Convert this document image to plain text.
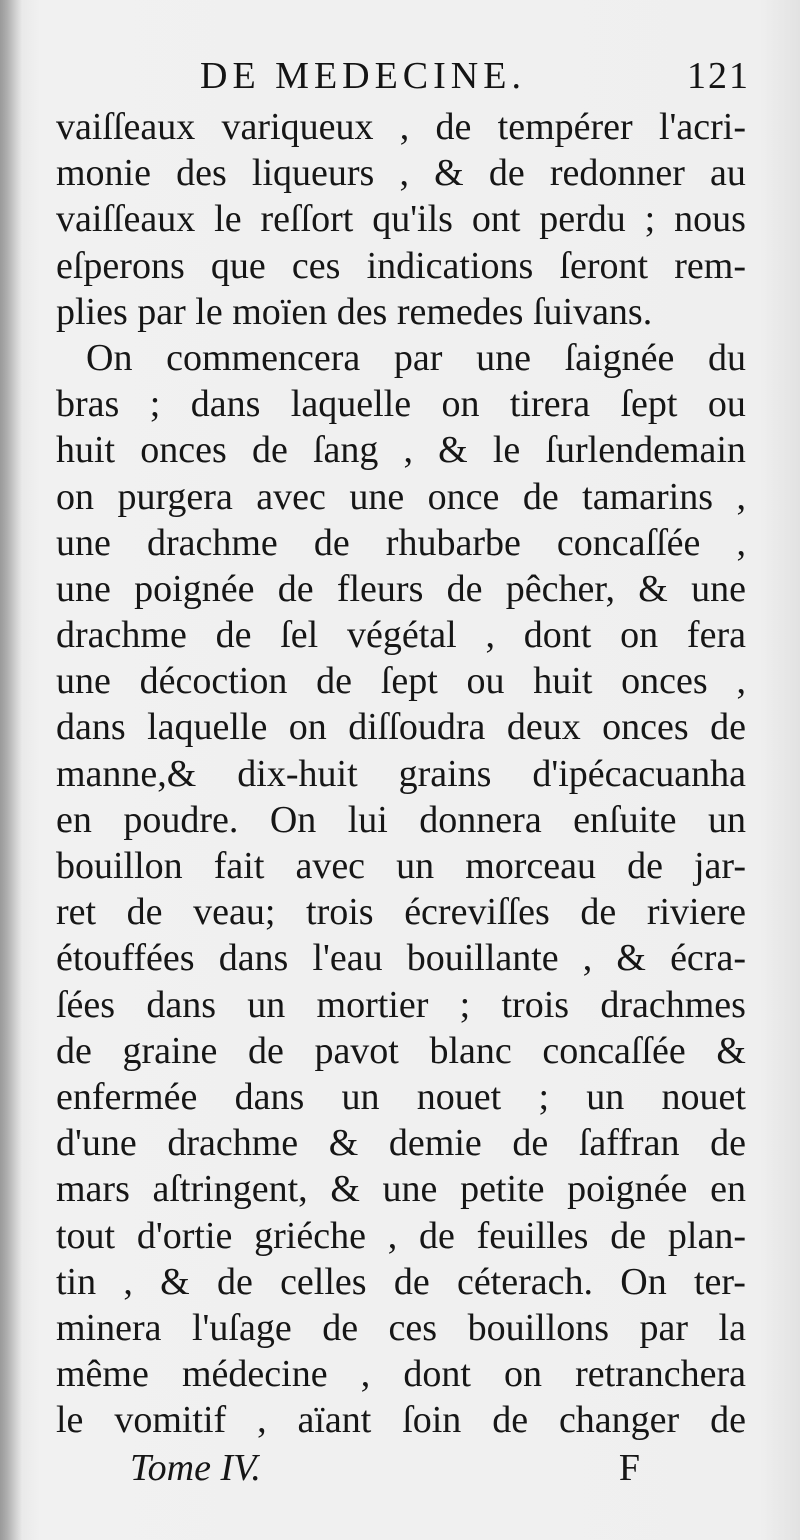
DE MEDECINE.	121
vaiſſeaux variqueux , de tempérer l'acri-
monie des liqueurs , & de redonner au
vaiſſeaux le reſſort qu'ils ont perdu ; nous
eſperons que ces indications ſeront rem-
plies par le moïen des remedes ſuivans.
On commencera par une ſaignée du
bras ; dans laquelle on tirera ſept ou
huit onces de ſang , & le ſurlendemain
on purgera avec une once de tamarins ,
une drachme de rhubarbe concaſſée ,
une poignée de fleurs de pêcher, & une
drachme de ſel végétal , dont on fera
une décoction de ſept ou huit onces ,
dans laquelle on diſſoudra deux onces de
manne,& dix-huit grains d'ipécacuanha
en poudre. On lui donnera enſuite un
bouillon fait avec un morceau de jar-
ret de veau; trois écreviſſes de riviere
étouffées dans l'eau bouillante , & écra-
ſées dans un mortier ; trois drachmes
de graine de pavot blanc concaſſée &
enfermée dans un nouet ; un nouet
d'une drachme & demie de ſaffran de
mars aſtringent, & une petite poignée en
tout d'ortie griéche , de feuilles de plan-
tin , & de celles de céterach. On ter-
minera l'uſage de ces bouillons par la
même médecine , dont on retranchera
le vomitif , aïant ſoin de changer de
Tome IV.	F
